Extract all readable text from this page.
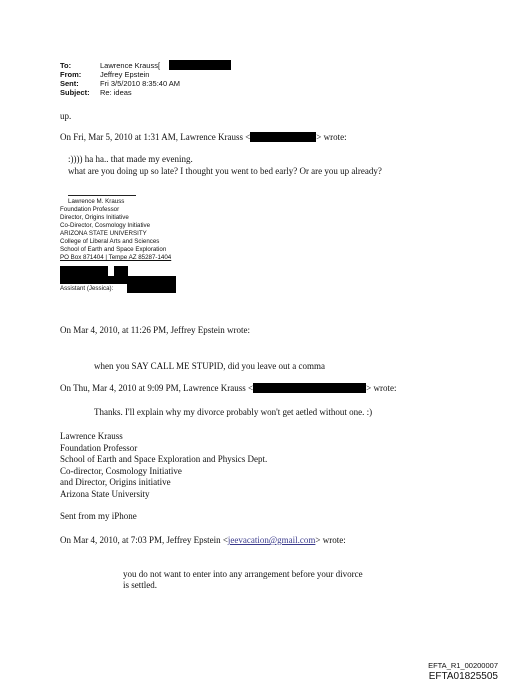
To:	Lawrence Krauss[
From:	Jeffrey Epstein
Sent:	Fri 3/5/2010 8:35:40 AM
Subject: Re: ideas
up.
On Fri, Mar 5, 2010 at 1:31 AM, Lawrence Krauss <	> wrote:
:)))) ha ha.. that made my evening.
what are you doing up so late? I thought you went to bed early? Or are you up already?
Lawrence M. Krauss
Foundation Professor
Director, Origins Initiative
Co-Director, Cosmology Initiative
ARIZONA STATE UNIVERSITY
College of Liberal Arts and Sciences
School of Earth and Space Exploration
PO Box 871404 | Tempe AZ 85287-1404
Assistant (Jessica):
On Mar 4, 2010, at 11:26 PM, Jeffrey Epstein wrote:
when you SAY CALL ME STUPID, did you leave out a comma
On Thu, Mar 4, 2010 at 9:09 PM, Lawrence Krauss <	> wrote:
Thanks. I'll explain why my divorce probably won't get aetled without one. :)
Lawrence Krauss
Foundation Professor
School of Earth and Space Exploration and Physics Dept.
Co-director, Cosmology Initiative
and Director, Origins initiative
Arizona State University
Sent from my iPhone
On Mar 4, 2010, at 7:03 PM, Jeffrey Epstein <jeevacation@gmail.com> wrote:
you do not want to enter into any arrangement before your divorce
is settled.
EFTA_R1_00200007
EFTA01825505
